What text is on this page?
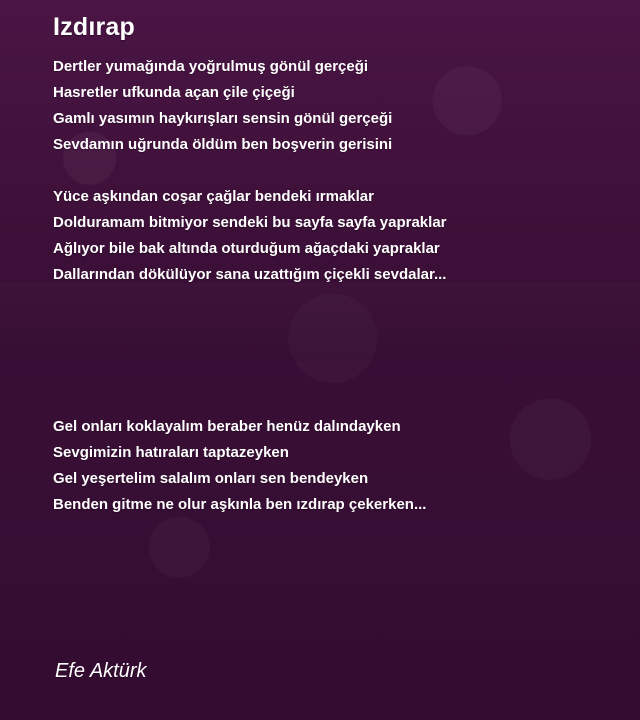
Izdırap
Dertler yumağında yoğrulmuş gönül gerçeği
Hasretler ufkunda açan çile çiçeği
Gamlı yasımın haykırışları sensin gönül gerçeği
Sevdamın uğrunda öldüm ben boşverin gerisini
Yüce aşkından coşar çağlar bendeki ırmaklar
Dolduramam bitmiyor sendeki bu sayfa sayfa yapraklar
Ağlıyor bile bak altında oturduğum ağaçdaki yapraklar
Dallarından dökülüyor sana uzattığım çiçekli sevdalar...
Gel onları koklayalım beraber henüz dalındayken
Sevgimizin hatıraları taptazeyken
Gel yeşertelim salalım onları sen bendeyken
Benden gitme ne olur aşkınla ben ızdırap çekerken...

Efe Aktürk
